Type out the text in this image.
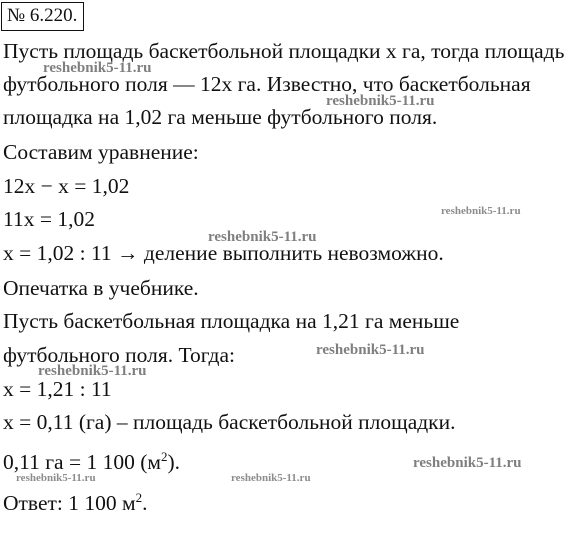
№ 6.220.
Пусть площадь баскетбольной площадки x га, тогда площадь
футбольного поля — 12x га. Известно, что баскетбольная
площадка на 1,02 га меньше футбольного поля.
Составим уравнение:
12x − x = 1,02
11x = 1,02
x = 1,02 : 11 → деление выполнить невозможно.
Опечатка в учебнике.
Пусть баскетбольная площадка на 1,21 га меньше
футбольного поля. Тогда:
x = 1,21 : 11
x = 0,11 (га) – площадь баскетбольной площадки.
0,11 га = 1 100 $(м^2)$.
Ответ: 1 100 $м^2$.
reshebnik5-11.ru
reshebnik5-11.ru
reshebnik5-11.ru
reshebnik5-11.ru
reshebnik5-11.ru
reshebnik5-11.ru
reshebnik5-11.ru
reshebnik5-11.ru	reshebnik5-11.ru
